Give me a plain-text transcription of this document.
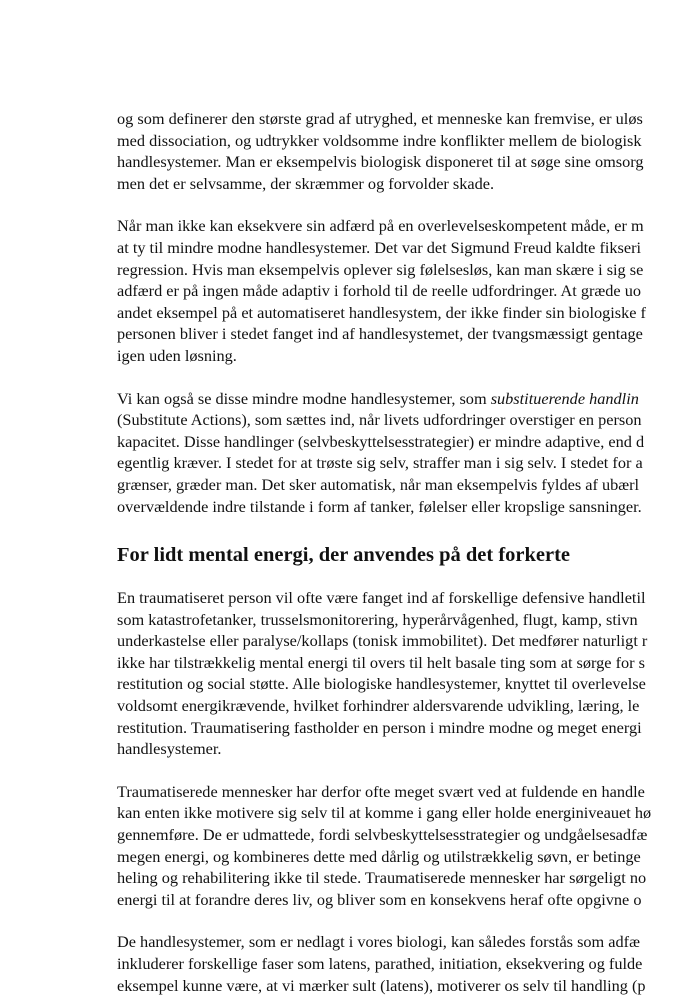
og som definerer den største grad af utryghed, et menneske kan fremvise, er uløs
med dissociation, og udtrykker voldsomme indre konflikter mellem de biologisk
handlesystemer. Man er eksempelvis biologisk disponeret til at søge sine omsorg
men det er selvsamme, der skræmmer og forvolder skade.
Når man ikke kan eksekvere sin adfærd på en overlevelseskompetent måde, er m
at ty til mindre modne handlesystemer. Det var det Sigmund Freud kaldte fikseri
regression. Hvis man eksempelvis oplever sig følelsesløs, kan man skære i sig se
adfærd er på ingen måde adaptiv i forhold til de reelle udfordringer. At græde uo
andet eksempel på et automatiseret handlesystem, der ikke finder sin biologiske f
personen bliver i stedet fanget ind af handlesystemet, der tvangsmæssigt gentage
igen uden løsning.
Vi kan også se disse mindre modne handlesystemer, som substituerende handlin
(Substitute Actions), som sættes ind, når livets udfordringer overstiger en person
kapacitet. Disse handlinger (selvbeskyttelsesstrategier) er mindre adaptive, end d
egentlig kræver. I stedet for at trøste sig selv, straffer man i sig selv. I stedet for a
grænser, græder man. Det sker automatisk, når man eksempelvis fyldes af ubærl
overvældende indre tilstande i form af tanker, følelser eller kropslige sansninger.
For lidt mental energi, der anvendes på det forkerte
En traumatiseret person vil ofte være fanget ind af forskellige defensive handletil
som katastrofetanker, trusselsmonitorering, hyperårvågenhed, flugt, kamp, stivn
underkastelse eller paralyse/kollaps (tonisk immobilitet). Det medfører naturligt r
ikke har tilstrækkelig mental energi til overs til helt basale ting som at sørge for s
restitution og social støtte. Alle biologiske handlesystemer, knyttet til overlevelse
voldsomt energikrævende, hvilket forhindrer aldersvarende udvikling, læring, le
restitution. Traumatisering fastholder en person i mindre modne og meget energi
handlesystemer.
Traumatiserede mennesker har derfor ofte meget svært ved at fuldende en handle
kan enten ikke motivere sig selv til at komme i gang eller holde energiniveauet hø
gennemføre. De er udmattede, fordi selvbeskyttelsesstrategier og undgåelsesadfæ
megen energi, og kombineres dette med dårlig og utilstrækkelig søvn, er betinge
heling og rehabilitering ikke til stede. Traumatiserede mennesker har sørgeligt no
energi til at forandre deres liv, og bliver som en konsekvens heraf ofte opgivne o
De handlesystemer, som er nedlagt i vores biologi, kan således forstås som adfæ
inkluderer forskellige faser som latens, parathed, initiation, eksekvering og fulde
eksempel kunne være, at vi mærker sult (latens), motiverer os selv til handling (p
